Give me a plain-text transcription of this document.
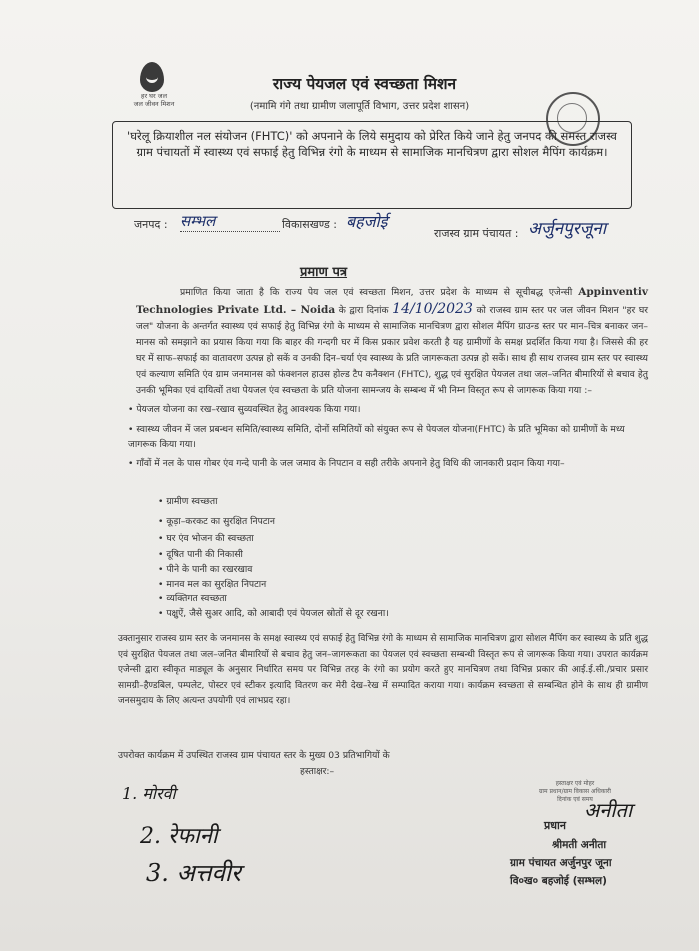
हर घर जल
जल जीवन मिशन
राज्य पेयजल एवं स्वच्छता मिशन
(नमामि गंगे तथा ग्रामीण जलापूर्ति विभाग, उत्तर प्रदेश शासन)
'घरेलू क्रियाशील नल संयोजन (FHTC)' को अपनाने के लिये समुदाय को प्रेरित किये जाने हेतु जनपद की समस्त राजस्व ग्राम पंचायतों में स्वास्थ्य एवं सफाई हेतु विभिन्न रंगो के माध्यम से सामाजिक मानचित्रण द्वारा सोशल मैपिंग कार्यक्रम।
जनपद : सम्भल	विकासखण्ड : बहजोई
राजस्व ग्राम पंचायत : अर्जुनपुरजूना
प्रमाण पत्र
प्रमाणित किया जाता है कि राज्य पेय जल एवं स्वच्छता मिशन, उत्तर प्रदेश के माध्यम से सूचीबद्ध एजेन्सी Appinventiv Technologies Private Ltd. – Noida के द्वारा दिनांक 14/10/2023 को राजस्व ग्राम स्तर पर जल जीवन मिशन "हर घर जल" योजना के अन्तर्गत स्वास्थ्य एवं सफाई हेतु विभिन्न रंगो के माध्यम से सामाजिक मानचित्रण द्वारा सोशल मैपिंग ग्राउन्ड स्तर पर मान–चित्र बनाकर जन–मानस को समझाने का प्रयास किया गया कि बाहर की गन्दगी घर में किस प्रकार प्रवेश करती है यह ग्रामीणों के समक्ष प्रदर्शित किया गया है। जिससे की हर घर में साफ–सफाई का वातावरण उत्पन्न हो सकें व उनकी दिन–चर्या एंव स्वास्थ्य के प्रति जागरूकता उत्पन्न हो सकें। साथ ही साथ राजस्व ग्राम स्तर पर स्वास्थ्य एवं कल्याण समिति एंव ग्राम जनमानस को फंक्शनल हाउस होल्ड टैप कनैक्शन (FHTC), शुद्ध एवं सुरक्षित पेयजल तथा जल–जनित बीमारियों से बचाव हेतु उनकी भूमिका एवं दायित्वों तथा पेयजल एंव स्वच्छता के प्रति योजना सामन्जय के सम्बन्ध में भी निम्न विस्तृत रूप से जागरूक किया गया :–
• पेयजल योजना का रख–रखाव सुव्यवस्थित हेतु आवश्यक किया गया।
• स्वास्थ्य जीवन में जल प्रबन्धन समिति/स्वास्थ्य समिति, दोनों समितियों को संयुक्त रूप से पेयजल योजना(FHTC) के प्रति भूमिका को ग्रामीणों के मध्य जागरूक किया गया।
• गाँवों में नल के पास गोबर एंव गन्दे पानी के जल जमाव के निपटान व सही तरीके अपनाने हेतु विधि की जानकारी प्रदान किया गया–
• ग्रामीण स्वच्छता
• कूड़ा–करकट का सुरक्षित निपटान
• घर एंव भोजन की स्वच्छता
• दूषित पानी की निकासी
• पीने के पानी का रखरखाव
• मानव मल का सुरक्षित निपटान
• व्यक्तिगत स्वच्छता
• पक्षुऐं, जैसे सुअर आदि, को आबादी एवं पेयजल स्रोतों से दूर रखना।
उक्तानुसार राजस्व ग्राम स्तर के जनमानस के समक्ष स्वास्थ्य एवं सफाई हेतु विभिन्न रंगो के माध्यम से सामाजिक मानचित्रण द्वारा सोशल मैपिंग कर स्वास्थ्य के प्रति शुद्ध एवं सुरक्षित पेयजल तथा जल–जनित बीमारियों से बचाव हेतु जन–जागरूकता का पेयजल एवं स्वच्छता सम्बन्धी विस्तृत रूप से जागरूक किया गया। उपरात कार्यक्रम एजेन्सी द्वारा स्वीकृत माड्यूल के अनुसार निर्धारित समय पर विभिन्न तरह के रंगो का प्रयोग करते हुए मानचित्रण तथा विभिन्न प्रकार की आई.ई.सी./प्रचार प्रसार सामग्री–हैण्डबिल, पम्पलेट, पोस्टर एवं स्टीकर इत्यादि वितरण कर मेरी देख–रेख में सम्पादित कराया गया। कार्यक्रम स्वच्छता से सम्बन्धित होने के साथ ही ग्रामीण जनसमुदाय के लिए अत्यन्त उपयोगी एवं लाभप्रद रहा।
उपरोक्त कार्यक्रम में उपस्थित राजस्व ग्राम पंचायत स्तर के मुख्य 03 प्रतिभागियों के
हस्ताक्षर:–
1. मोरवी
2. रेफानी
3. अत्तवीर
हस्ताक्षर एवं मोहर
ग्राम प्रधान/ग्राम विकास अधिकारी
दिनांक एवं समय
प्रधान
अनीता
श्रीमती अनीता
ग्राम पंचायत अर्जुनपुर जूना
वि०ख० बहजोई (सम्भल)
